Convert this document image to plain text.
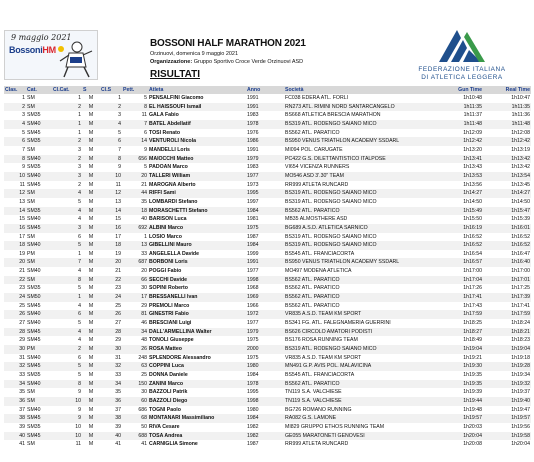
9 maggio 2021
BossoniHM
BOSSONI HALF MARATHON 2021
Orzinuovi, domenica 9 maggio 2021
Organizzazione: Gruppo Sportivo Croce Verde Orzinuovi ASD
RISULTATI	FEDERAZIONE ITALIANA
DI ATLETICA LEGGERA
Clas.	Cat.	Cl.Cat.	S	Cl.S	Pett.	Atleta	Anno	Società	Gun Time	Real Time
1	SM	1	M	1	5	PENSALFINI Giacomo	1991	FC038 EDERA ATL. FORLI	1h10:48	1h10:47
2	SM	2	M	2	8	EL HAISSOUFI Ismail	1991	RN273 ATL. RIMINI NORD SANTARCANGELO	1h11:35	1h11:35
3	SM35	1	M	3	11	GALA Fabio	1983	BS668 ATLETICA BRESCIA MARATHON	1h11:37	1h11:36
4	SM40	1	M	4	7	BATEL Abdellatif	1978	BS319 ATL. RODENGO SAIANO MICO	1h11:48	1h11:48
5	SM45	1	M	5	6	TOSI Renato	1976	BS562 ATL. PARATICO	1h12:09	1h12:08
6	SM35	2	M	6	14	VENTUROLI Nicola	1986	BS950 VENUS TRIATHLON ACADEMY SSDARL	1h12:42	1h12:42
7	SM	3	M	7	9	MANDELLI Loris	1991	MI094 POL. CARUGATE	1h13:20	1h13:19
8	SM40	2	M	8	656	MAIOCCHI Matteo	1979	PC422 G.S. DILETTANTISTICO ITALPOSE	1h13:41	1h13:42
9	SM35	3	M	9	5	PADOAN Marco	1983	VI654 VICENZA RUNNERS	1h13:43	1h13:42
10	SM40	3	M	10	20	TALLERI William	1977	MO546 ASD 3'.30" TEAM	1h13:53	1h13:54
11	SM45	2	M	11	21	MAROGNA Alberto	1973	RR999 ATLETA RUNCARD	1h13:56	1h13:45
12	SM	4	M	12	44	RIFFI Sami	1995	BS319 ATL. RODENGO SAIANO MICO	1h14:27	1h14:27
13	SM	5	M	13	35	LOMBARDI Stefano	1997	BS319 ATL. RODENGO SAIANO MICO	1h14:50	1h14:50
14	SM35	4	M	14	18	MORASCHETTI Stefano	1984	BS562 ATL. PARATICO	1h15:49	1h15:47
15	SM40	4	M	15	40	BARISON Luca	1981	MB35 ALMOSTHERE ASD	1h15:50	1h15:39
16	SM45	3	M	16	692	ALBINI Marco	1975	BG689 A.S.D. ATLETICA SARNICO	1h16:19	1h16:01
17	SM	6	M	17	1	LOSIO Marco	1987	BS319 ATL. RODENGO SAIANO MICO	1h16:52	1h16:52
18	SM40	5	M	18	13	GIBELLINI Mauro	1984	BS319 ATL. RODENGO SAIANO MICO	1h16:52	1h16:52
19	PM	1	M	19	33	ANGELELLA Davide	1999	BS545 ATL. FRANCIACORTA	1h16:54	1h16:47
20	SM	7	M	20	687	BORBONI Loris	1991	BS950 VENUS TRIATHLON ACADEMY SSDARL	1h16:57	1h16:40
21	SM40	4	M	21	20	POGGI Fabio	1977	MO497 MODENA ATLETICA	1h17:00	1h17:00
22	SM	8	M	22	66	SECCHI Davide	1998	BS562 ATL. PARATICO	1h17:04	1h17:01
23	SM35	5	M	23	30	SOPINI Roberto	1968	BS562 ATL. PARATICO	1h17:26	1h17:25
24	SM50	1	M	24	17	BRESSANELLI Ivan	1969	BS562 ATL. PARATICO	1h17:41	1h17:39
25	SM45	4	M	25	29	PREMOLI Marco	1966	BS562 ATL. PARATICO	1h17:43	1h17:41
26	SM40	6	M	26	81	GINESTRI Fabio	1972	VR835 A.S.D. TEAM KM SPORT	1h17:59	1h17:59
27	SM40	5	M	27	46	BRESCIANI Luigi	1977	BS341 FG. ATL. FALEGNAMERIA GUERRINI	1h18:25	1h18:24
28	SM45	4	M	28	34	DALL'ARMELLINA Walter	1979	BS626 CIRCOLO AMATORI PODISTI	1h18:27	1h18:21
29	SM45	4	M	29	48	TONOLI Giuseppe	1975	BS176 ROSA RUNNING TEAM	1h18:49	1h18:23
30	PM	2	M	30	26	ROSA Matteo	2000	BS319 ATL. RODENGO SAIANO MICO	1h19:04	1h19:04
31	SM40	6	M	31	248	SPLENDORE Alessandro	1975	VR835 A.S.D. TEAM KM SPORT	1h19:21	1h19:18
32	SM45	5	M	32	63	COPPINI Luca	1980	MN491 G.P. AVIS POL. MALAVICINA	1h19:30	1h19:28
33	SM35	5	M	33	25	DONNA Daniele	1984	BS545 ATL. FRANCIACORTA	1h19:35	1h19:34
34	SM40	8	M	34	150	ZANINI Marco	1978	BS562 ATL. PARATICO	1h19:35	1h19:32
35	SM	9	M	35	30	BAZZOLI Patrik	1995	TN119 S.A. VALCHIESE	1h19:39	1h19:37
36	SM	10	M	36	60	BAZZOLI Diego	1998	TN119 S.A. VALCHIESE	1h19:44	1h19:40
37	SM40	9	M	37	686	TOGNI Paolo	1980	BG726 ROMANO RUNNING	1h19:48	1h19:47
38	SM45	9	M	38	68	MONTANARI Massimiliano	1984	RA082 G.S. LAMONE	1h19:57	1h19:57
39	SM35	10	M	39	50	RIVA Cesare	1982	MI829 GRUPPO ETHOS RUNNING TEAM	1h20:03	1h19:56
40	SM45	10	M	40	688	TOSA Andrea	1982	GE055 MARATONETI GENOVESI	1h20:04	1h19:58
41	SM	11	M	41	41	CARNIGLIA Simone	1987	RR999 ATLETA RUNCARD	1h20:08	1h20:04
